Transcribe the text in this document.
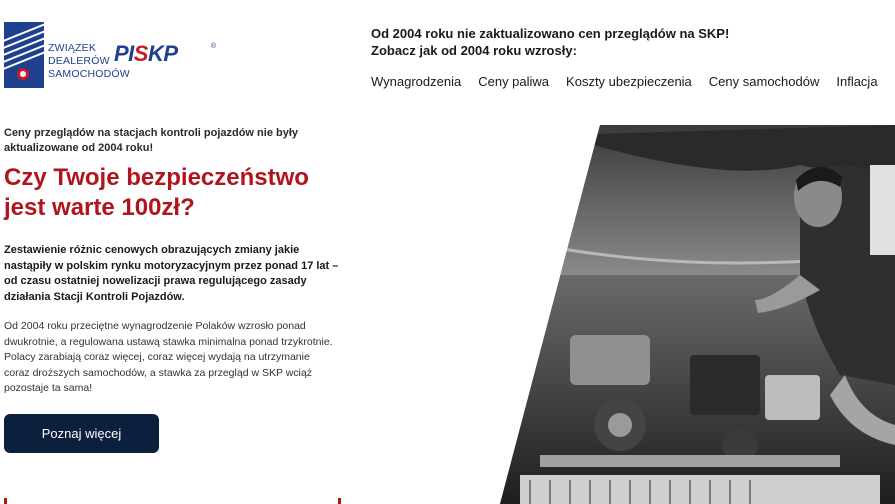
ZWIĄZEK
DEALERÓW
SAMOCHODÓW
PISKP	®
Od 2004 roku nie zaktualizowano cen przeglądów na SKP!
Zobacz jak od 2004 roku wzrosły:
Wynagrodzenia Ceny paliwa Koszty ubezpieczenia Ceny samochodów Inflacja
Ceny przeglądów na stacjach kontroli pojazdów nie były
aktualizowane od 2004 roku!
Czy Twoje bezpieczeństwo
jest warte 100zł?

Zestawienie różnic cenowych obrazujących zmiany jakie nastąpiły w polskim rynku motoryzacyjnym przez ponad 17 lat – od czasu ostatniej nowelizacji prawa regulującego zasady działania Stacji Kontroli Pojazdów.

Od 2004 roku przeciętne wynagrodzenie Polaków wzrosło ponad dwukrotnie, a regulowana ustawą stawka minimalna ponad trzykrotnie. Polacy zarabiają coraz więcej, coraz więcej wydają na utrzymanie coraz droższych samochodów, a stawka za przegląd w SKP wciąż pozostaje ta sama!

Poznaj więcej
